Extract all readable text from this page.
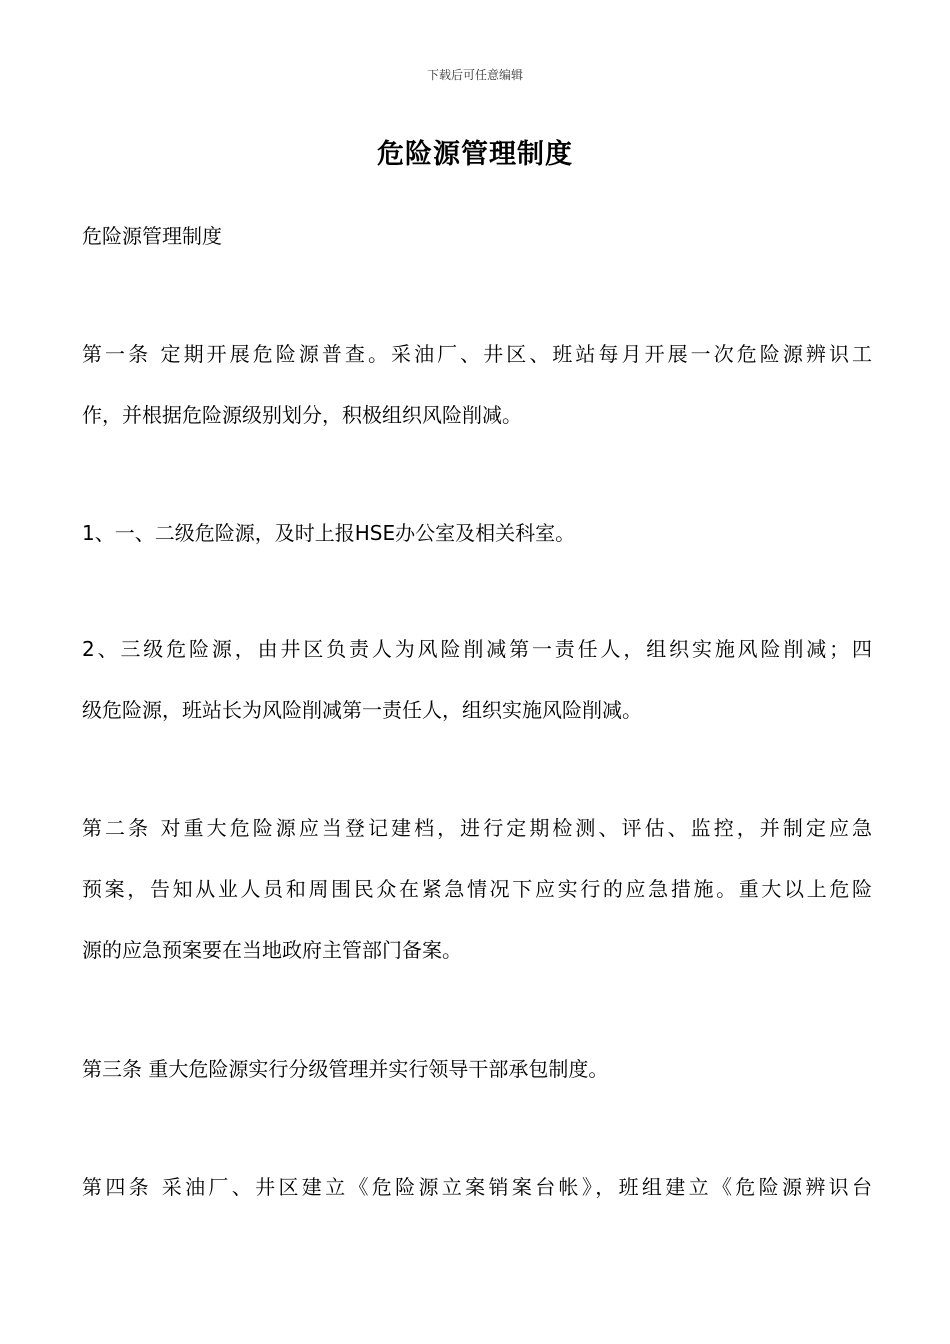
下载后可任意编辑
危险源管理制度
危险源管理制度
第一条 定期开展危险源普查。采油厂、井区、班站每月开展一次危险源辨识工
作，并根据危险源级别划分，积极组织风险削减。
1、一、二级危险源，及时上报HSE办公室及相关科室。
2、三级危险源，由井区负责人为风险削减第一责任人，组织实施风险削减；四
级危险源，班站长为风险削减第一责任人，组织实施风险削减。
第二条 对重大危险源应当登记建档，进行定期检测、评估、监控，并制定应急
预案，告知从业人员和周围民众在紧急情况下应实行的应急措施。重大以上危险
源的应急预案要在当地政府主管部门备案。
第三条 重大危险源实行分级管理并实行领导干部承包制度。
第四条 采油厂、井区建立《危险源立案销案台帐》，班组建立《危险源辨识台
